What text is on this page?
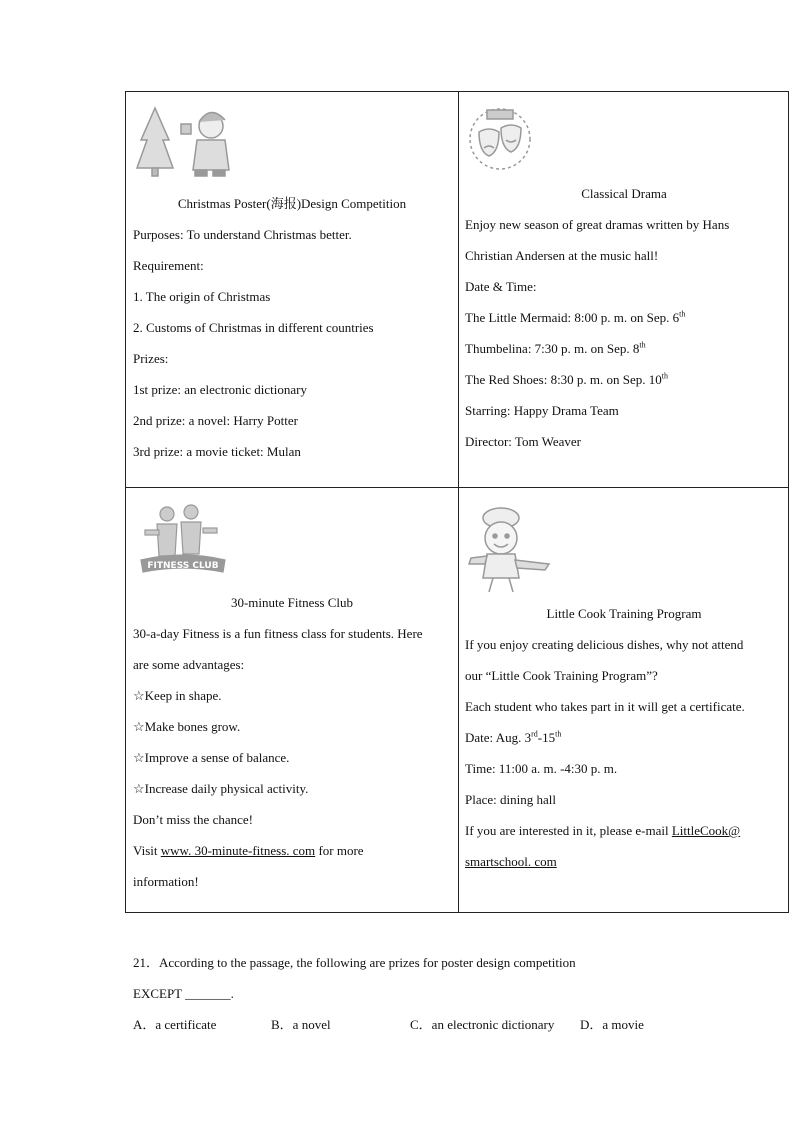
Christmas Poster(海报)Design Competition
Purposes: To understand Christmas better.
Requirement:
1. The origin of Christmas
2. Customs of Christmas in different countries
Prizes:
1st prize: an electronic dictionary
2nd prize: a novel: Harry Potter
3rd prize: a movie ticket: Mulan
Classical Drama
Enjoy new season of great dramas written by Hans
Christian Andersen at the music hall!
Date & Time:
The Little Mermaid: 8:00 p. m. on Sep. 6th
Thumbelina: 7:30 p. m. on Sep. 8th
The Red Shoes: 8:30 p. m. on Sep. 10th
Starring: Happy Drama Team
Director: Tom Weaver
FITNESS CLUB
30-minute Fitness Club
30-a-day Fitness is a fun fitness class for students. Here
are some advantages:
☆Keep in shape.
☆Make bones grow.
☆Improve a sense of balance.
☆Increase daily physical activity.
Don’t miss the chance!
Visit www. 30-minute-fitness. com for more
information!
Little Cook Training Program
If you enjoy creating delicious dishes, why not attend
our “Little Cook Training Program”?
Each student who takes part in it will get a certificate.
Date: Aug. 3rd-15th
Time: 11:00 a. m. -4:30 p. m.
Place: dining hall
If you are interested in it, please e-mail LittleCook@
smartschool. com
21．According to the passage, the following are prizes for poster design competition
EXCEPT _______.
A．a certificate	B．a novel	C．an electronic dictionary D．a movie
